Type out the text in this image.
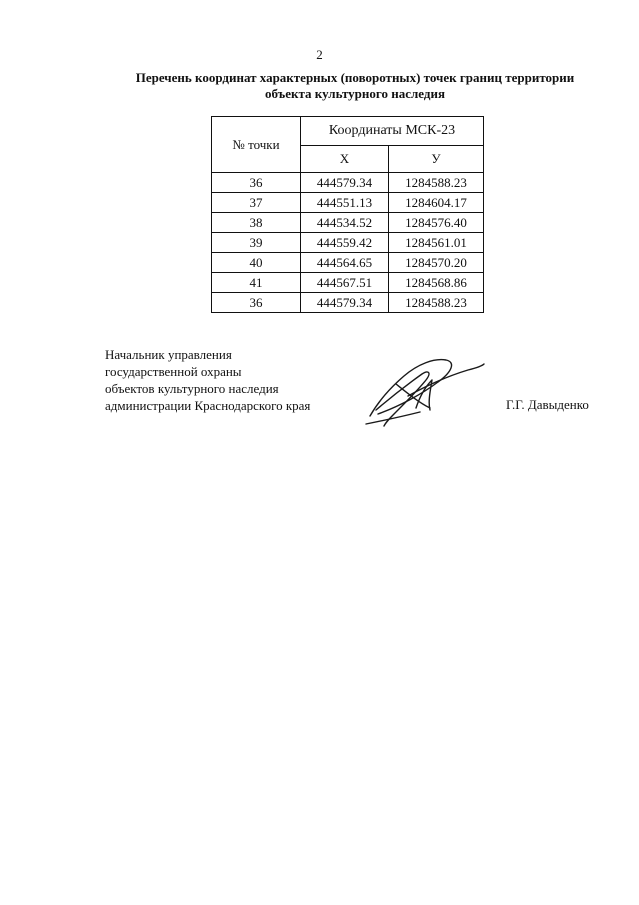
2
Перечень координат характерных (поворотных) точек границ территории
объекта культурного наследия
№ точки	Координаты МСК-23	
	Х	У
36	444579.34	1284588.23
37	444551.13	1284604.17
38	444534.52	1284576.40
39	444559.42	1284561.01
40	444564.65	1284570.20
41	444567.51	1284568.86
36	444579.34	1284588.23
Начальник управления
государственной охраны
объектов культурного наследия
администрации Краснодарского края	Г.Г. Давыденко
